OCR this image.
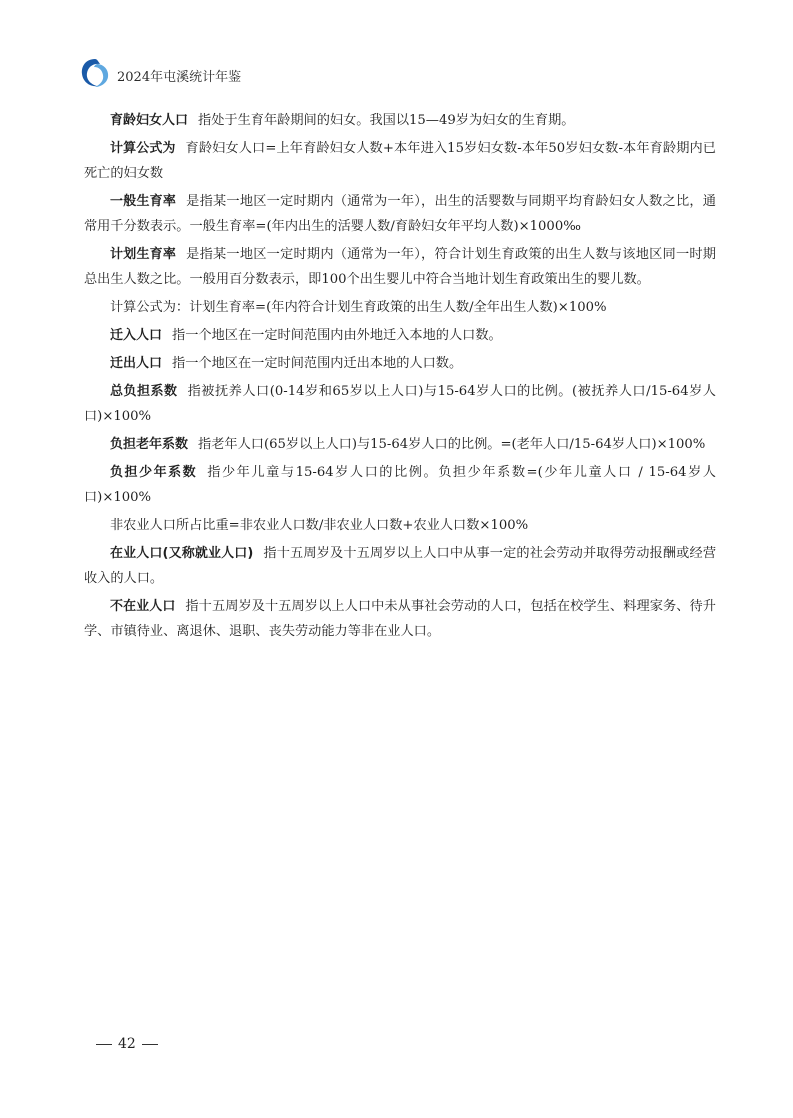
2024年屯溪统计年鉴

育龄妇女人口 指处于生育年龄期间的妇女。我国以15—49岁为妇女的生育期。

计算公式为 育龄妇女人口=上年育龄妇女人数+本年进入15岁妇女数-本年50岁妇女数-本年育龄期内已死亡的妇女数

一般生育率 是指某一地区一定时期内（通常为一年），出生的活婴数与同期平均育龄妇女人数之比，通常用千分数表示。一般生育率=(年内出生的活婴人数/育龄妇女年平均人数)×1000‰

计划生育率 是指某一地区一定时期内（通常为一年），符合计划生育政策的出生人数与该地区同一时期总出生人数之比。一般用百分数表示，即100个出生婴儿中符合当地计划生育政策出生的婴儿数。

计算公式为：计划生育率=(年内符合计划生育政策的出生人数/全年出生人数)×100%

迁入人口 指一个地区在一定时间范围内由外地迁入本地的人口数。

迁出人口 指一个地区在一定时间范围内迁出本地的人口数。

总负担系数 指被抚养人口(0-14岁和65岁以上人口)与15-64岁人口的比例。(被抚养人口/15-64岁人口)×100%

负担老年系数 指老年人口(65岁以上人口)与15-64岁人口的比例。=(老年人口/15-64岁人口)×100%

负担少年系数 指少年儿童与15-64岁人口的比例。负担少年系数=(少年儿童人口 / 15-64岁人口)×100%

非农业人口所占比重=非农业人口数/非农业人口数+农业人口数×100%

在业人口(又称就业人口) 指十五周岁及十五周岁以上人口中从事一定的社会劳动并取得劳动报酬或经营收入的人口。

不在业人口 指十五周岁及十五周岁以上人口中未从事社会劳动的人口，包括在校学生、料理家务、待升学、市镇待业、离退休、退职、丧失劳动能力等非在业人口。

42
